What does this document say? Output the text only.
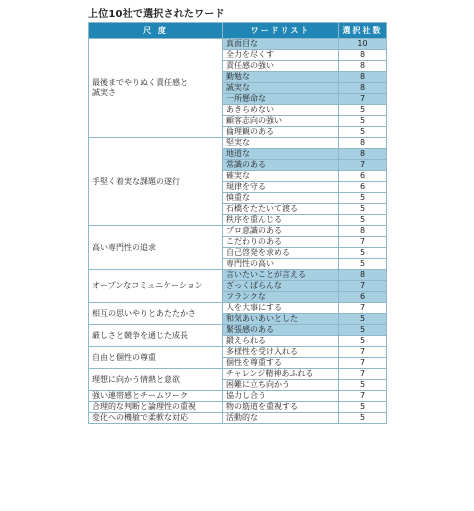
上位10社で選択されたワード
尺 度	ワードリスト	選択社数
最後までやりぬく責任感と
誠実さ	真面目な	10
	全力を尽くす	8
	責任感の強い	8
	勤勉な	8
	誠実な	8
	一所懸命な	7
	あきらめない	5
	顧客志向の強い	5
	倫理観のある	5
手堅く着実な課題の遂行	堅実な	8
	地道な	8
	常識のある	7
	確実な	6
	規律を守る	6
	慎重な	5
	石橋をたたいて渡る	5
	秩序を重んじる	5
高い専門性の追求	プロ意識のある	8
	こだわりのある	7
	自己啓発を求める	5
	専門性の高い	5
オープンなコミュニケーション	言いたいことが言える	8
	ざっくばらんな	7
	フランクな	6
相互の思いやりとあたたかさ	人を大事にする	7
	和気あいあいとした	5
厳しさと競争を通じた成長	緊張感のある	5
	鍛えられる	5
自由と個性の尊重	多様性を受け入れる	7
	個性を尊重する	7
理想に向かう情熱と意欲	チャレンジ精神あふれる	7
	困難に立ち向かう	5
強い連帯感とチームワーク	協力し合う	7
合理的な判断と論理性の重視	物の筋道を重視する	5
変化への機敏で柔軟な対応	活動的な	5
